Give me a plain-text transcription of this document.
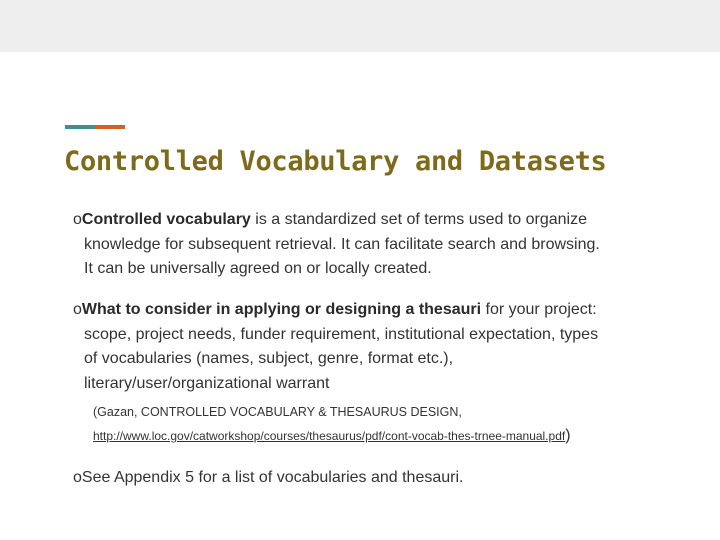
Controlled Vocabulary and Datasets
oControlled vocabulary is a standardized set of terms used to organize
knowledge for subsequent retrieval. It can facilitate search and browsing.
It can be universally agreed on or locally created.
oWhat to consider in applying or designing a thesauri for your project:
scope, project needs, funder requirement, institutional expectation, types
of vocabularies (names, subject, genre, format etc.),
literary/user/organizational warrant
(Gazan, CONTROLLED VOCABULARY & THESAURUS DESIGN,
http://www.loc.gov/catworkshop/courses/thesaurus/pdf/cont-vocab-thes-trnee-manual.pdf)
oSee Appendix 5 for a list of vocabularies and thesauri.
